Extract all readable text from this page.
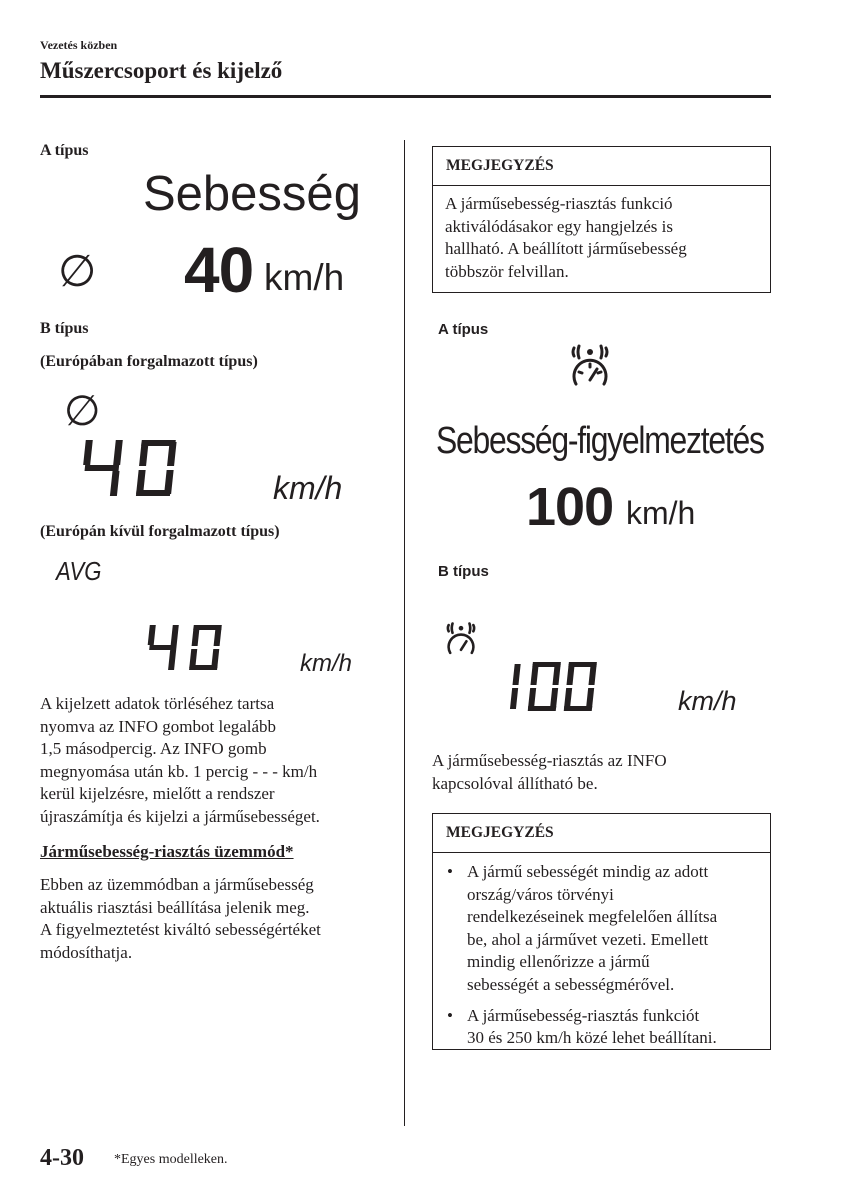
Vezetés közben
Műszercsoport és kijelző
A típus
Sebesség
∅ 40 km/h
B típus
(Európában forgalmazott típus)
∅
km/h
(Európán kívül forgalmazott típus)
AVG
km/h
A kijelzett adatok törléséhez tartsa
nyomva az INFO gombot legalább
1,5 másodpercig. Az INFO gomb
megnyomása után kb. 1 percig - - - km/h
kerül kijelzésre, mielőtt a rendszer
újraszámítja és kijelzi a járműsebességet.
Járműsebesség-riasztás üzemmód*
Ebben az üzemmódban a járműsebesség
aktuális riasztási beállítása jelenik meg.
A figyelmeztetést kiváltó sebességértéket
módosíthatja.
MEGJEGYZÉS
A járműsebesség-riasztás funkció
aktiválódásakor egy hangjelzés is
hallható. A beállított járműsebesség
többször felvillan.
A típus
Sebesség-figyelmeztetés
100 km/h
B típus
km/h
A járműsebesség-riasztás az INFO
kapcsolóval állítható be.
MEGJEGYZÉS
• A jármű sebességét mindig az adott
ország/város törvényi
rendelkezéseinek megfelelően állítsa
be, ahol a járművet vezeti. Emellett
mindig ellenőrizze a jármű
sebességét a sebességmérővel.
• A járműsebesség-riasztás funkciót
30 és 250 km/h közé lehet beállítani.
4-30 *Egyes modelleken.
